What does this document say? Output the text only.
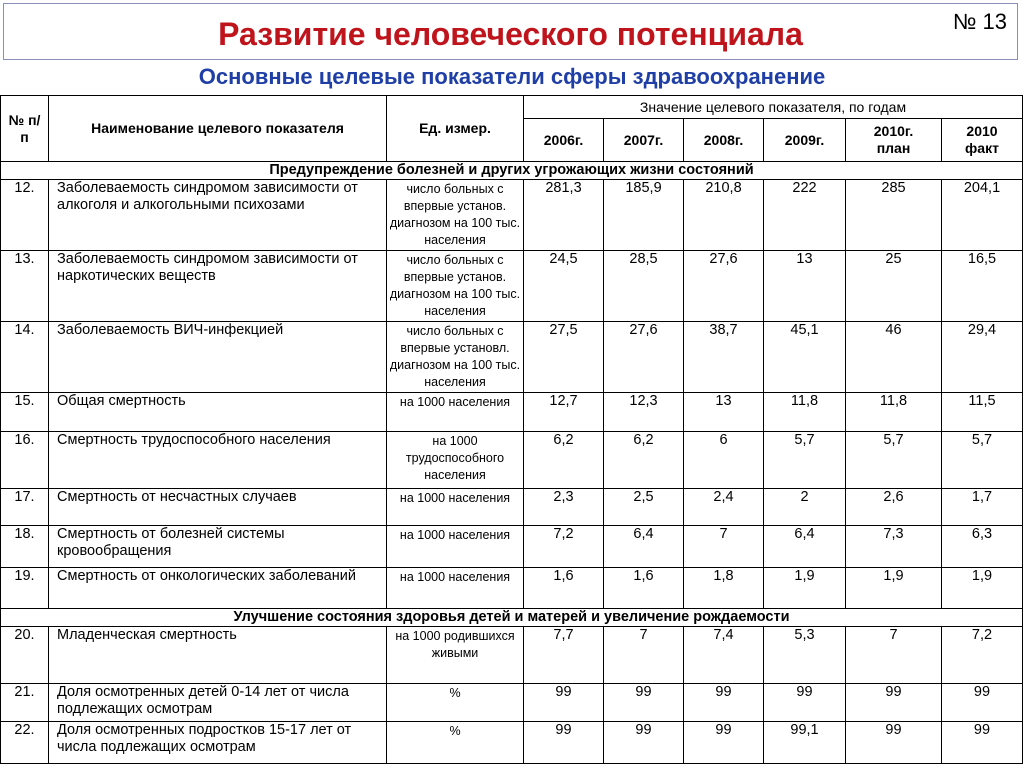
Развитие человеческого потенциала	№ 13
Основные целевые показатели сферы здравоохранение
№ п/п	Наименование целевого показателя	Ед. измер.	Значение целевого показателя, по годам					
			2006г.	2007г.	2008г.	2009г.	2010г. план	2010 факт
Предупреждение болезней и других угрожающих жизни состояний								
12.	Заболеваемость синдромом зависимости от алкоголя и алкогольными психозами	число больных с впервые установ. диагнозом на 100 тыс. населения	281,3	185,9	210,8	222	285	204,1
13.	Заболеваемость синдромом зависимости от наркотических веществ	число больных с впервые установ. диагнозом на 100 тыс. населения	24,5	28,5	27,6	13	25	16,5
14.	Заболеваемость ВИЧ-инфекцией	число больных с впервые установл. диагнозом на 100 тыс. населения	27,5	27,6	38,7	45,1	46	29,4
15.	Общая смертность	на 1000 населения	12,7	12,3	13	11,8	11,8	11,5
16.	Смертность трудоспособного населения	на 1000 трудоспособного населения	6,2	6,2	6	5,7	5,7	5,7
17.	Смертность от несчастных случаев	на 1000 населения	2,3	2,5	2,4	2	2,6	1,7
18.	Смертность от болезней системы кровообращения	на 1000 населения	7,2	6,4	7	6,4	7,3	6,3
19.	Смертность от онкологических заболеваний	на 1000 населения	1,6	1,6	1,8	1,9	1,9	1,9
Улучшение состояния здоровья детей и матерей и увеличение рождаемости								
20.	Младенческая смертность	на 1000 родившихся живыми	7,7	7	7,4	5,3	7	7,2
21.	Доля осмотренных детей 0-14 лет от числа подлежащих осмотрам	%	99	99	99	99	99	99
22.	Доля осмотренных подростков 15-17 лет от числа подлежащих осмотрам	%	99	99	99	99,1	99	99
